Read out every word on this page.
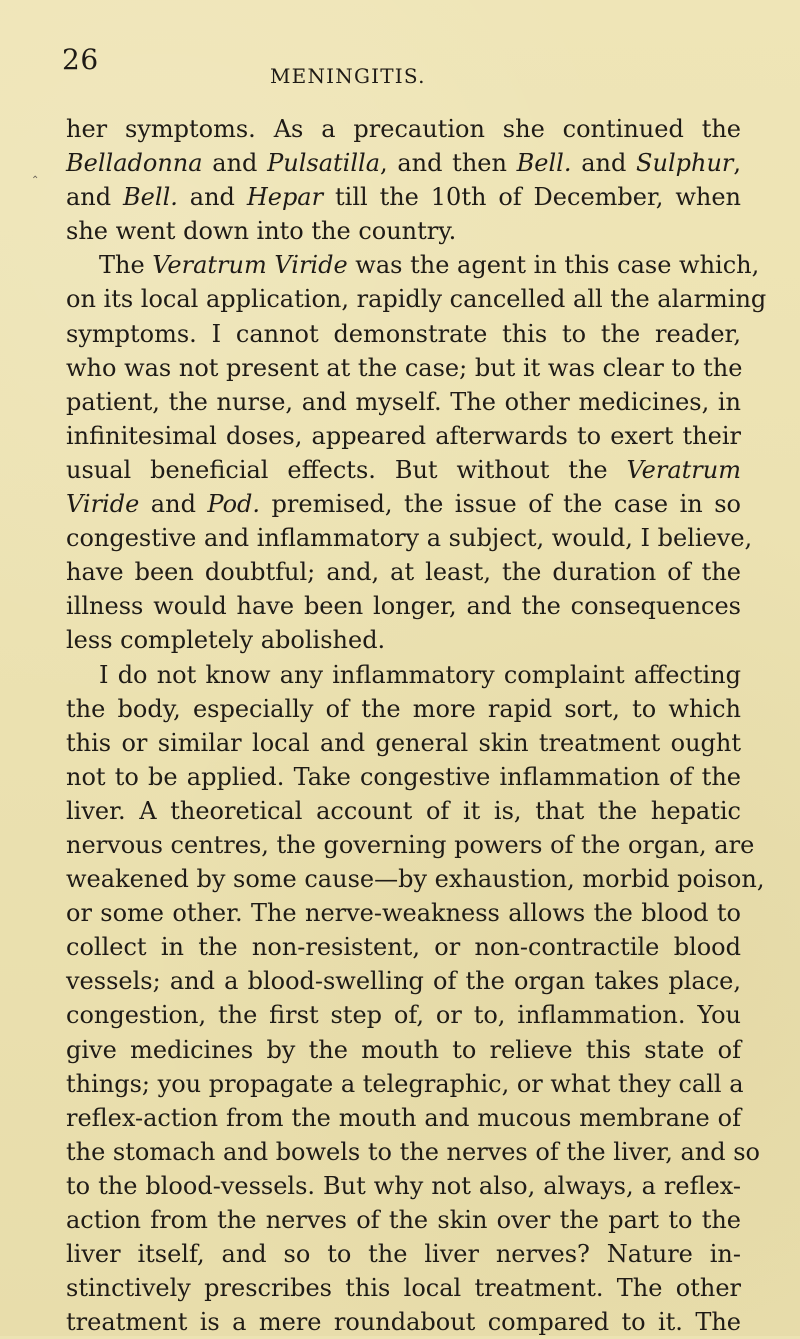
26	MENINGITIS.
⌃
her symptoms. As a precaution she continued the
Belladonna and Pulsatilla, and then Bell. and Sulphur,
and Bell. and Hepar till the 10th of December, when
she went down into the country.
The Veratrum Viride was the agent in this case which,
on its local application, rapidly cancelled all the alarming
symptoms. I cannot demonstrate this to the reader,
who was not present at the case; but it was clear to the
patient, the nurse, and myself. The other medicines, in
infinitesimal doses, appeared afterwards to exert their
usual beneficial effects. But without the Veratrum
Viride and Pod. premised, the issue of the case in so
congestive and inflammatory a subject, would, I believe,
have been doubtful; and, at least, the duration of the
illness would have been longer, and the consequences
less completely abolished.
I do not know any inflammatory complaint affecting
the body, especially of the more rapid sort, to which
this or similar local and general skin treatment ought
not to be applied. Take congestive inflammation of the
liver. A theoretical account of it is, that the hepatic
nervous centres, the governing powers of the organ, are
weakened by some cause—by exhaustion, morbid poison,
or some other. The nerve-weakness allows the blood to
collect in the non-resistent, or non-contractile blood
vessels; and a blood-swelling of the organ takes place,
congestion, the first step of, or to, inflammation. You
give medicines by the mouth to relieve this state of
things; you propagate a telegraphic, or what they call a
reflex-action from the mouth and mucous membrane of
the stomach and bowels to the nerves of the liver, and so
to the blood-vessels. But why not also, always, a reflex-
action from the nerves of the skin over the part to the
liver itself, and so to the liver nerves? Nature in-
stinctively prescribes this local treatment. The other
treatment is a mere roundabout compared to it. The
